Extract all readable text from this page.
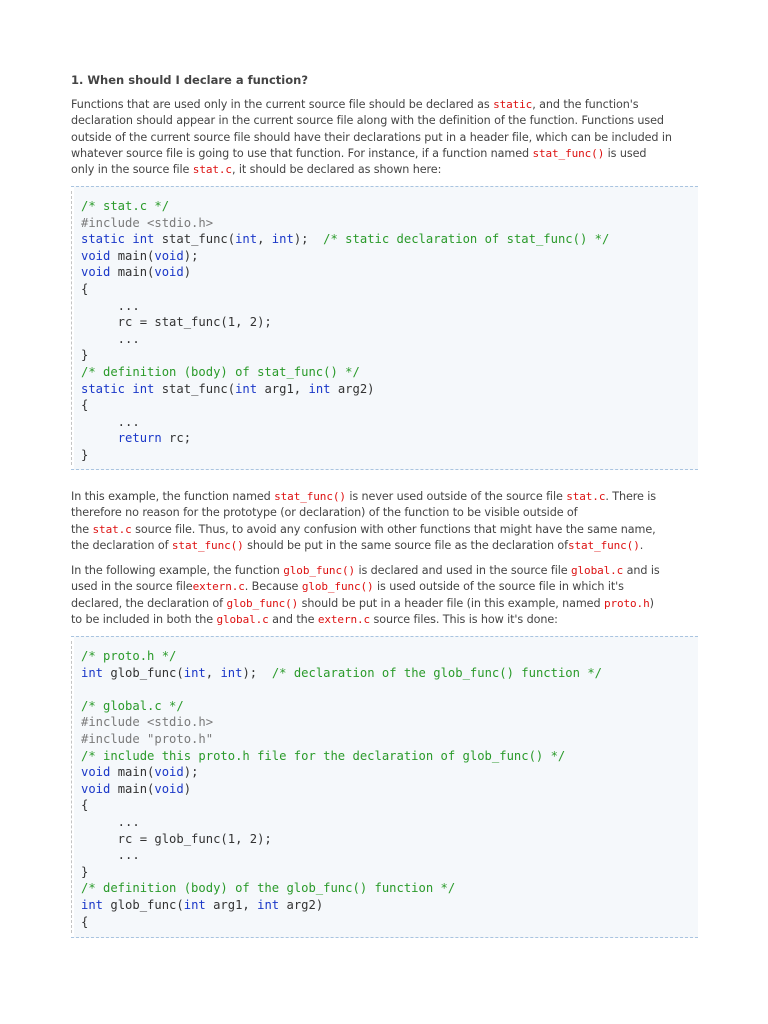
1. When should I declare a function?
Functions that are used only in the current source file should be declared as static, and the function's
declaration should appear in the current source file along with the definition of the function. Functions used
outside of the current source file should have their declarations put in a header file, which can be included in
whatever source file is going to use that function. For instance, if a function named stat_func() is used
only in the source file stat.c, it should be declared as shown here:
/* stat.c */
#include <stdio.h>
static int stat_func(int, int);  /* static declaration of stat_func() */
void main(void);
void main(void)
{
...
rc = stat_func(1, 2);
...
}
/* definition (body) of stat_func() */
static int stat_func(int arg1, int arg2)
{
...
return rc;
}
In this example, the function named stat_func() is never used outside of the source file stat.c. There is
therefore no reason for the prototype (or declaration) of the function to be visible outside of
the stat.c source file. Thus, to avoid any confusion with other functions that might have the same name,
the declaration of stat_func() should be put in the same source file as the declaration ofstat_func().
In the following example, the function glob_func() is declared and used in the source file global.c and is
used in the source fileextern.c. Because glob_func() is used outside of the source file in which it's
declared, the declaration of glob_func() should be put in a header file (in this example, named proto.h)
to be included in both the global.c and the extern.c source files. This is how it's done:
/* proto.h */
int glob_func(int, int);  /* declaration of the glob_func() function */

/* global.c */
#include <stdio.h>
#include "proto.h"
/* include this proto.h file for the declaration of glob_func() */
void main(void);
void main(void)
{
...
rc = glob_func(1, 2);
...
}
/* definition (body) of the glob_func() function */
int glob_func(int arg1, int arg2)
{
